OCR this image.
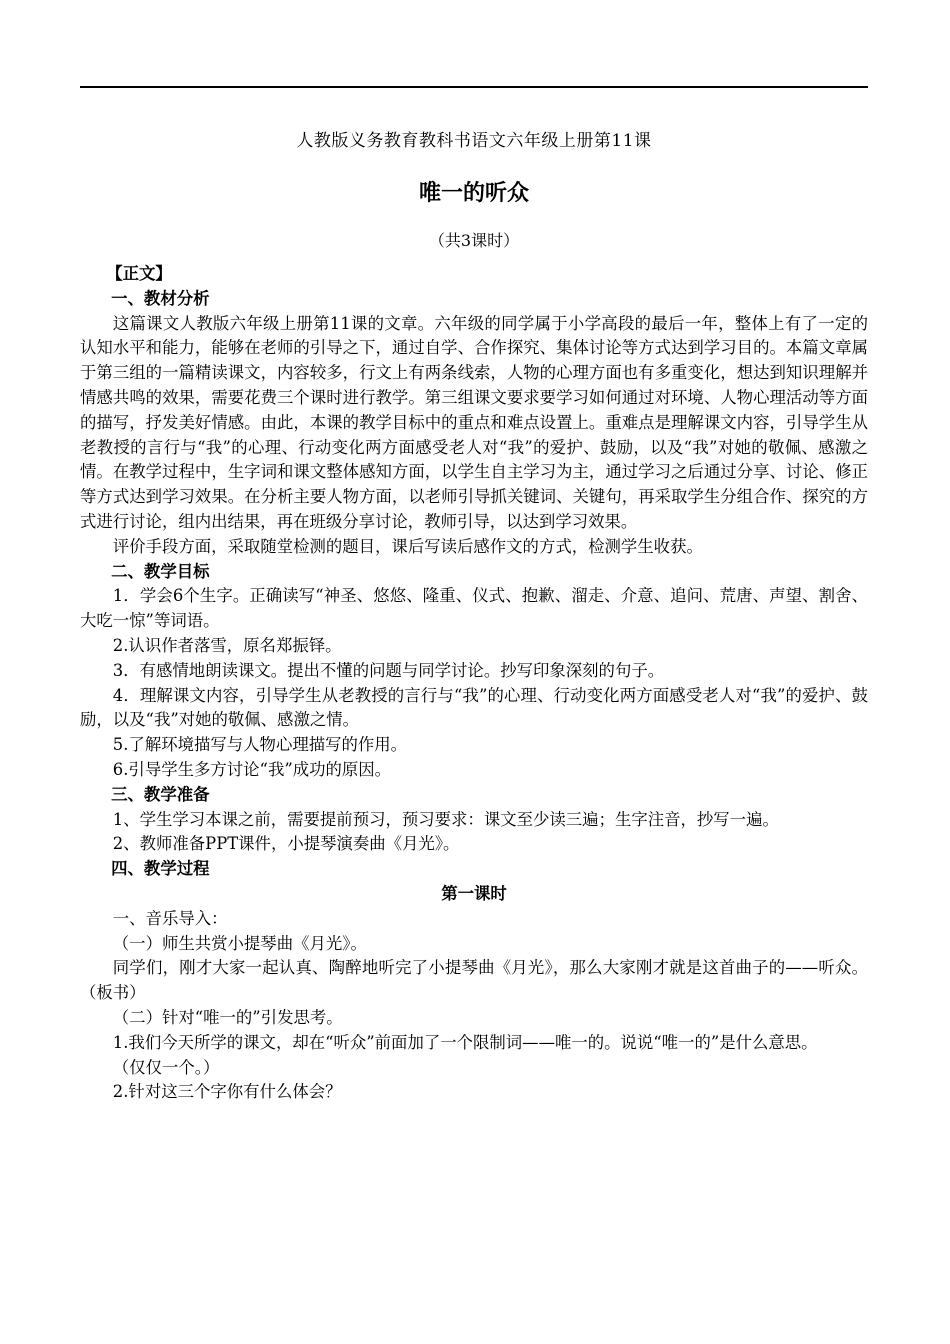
人教版义务教育教科书语文六年级上册第11课
唯一的听众
（共3课时）

【正文】

一、教材分析

这篇课文人教版六年级上册第11课的文章。六年级的同学属于小学高段的最后一年，整体上有了一定的认知水平和能力，能够在老师的引导之下，通过自学、合作探究、集体讨论等方式达到学习目的。本篇文章属于第三组的一篇精读课文，内容较多，行文上有两条线索，人物的心理方面也有多重变化，想达到知识理解并情感共鸣的效果，需要花费三个课时进行教学。第三组课文要求要学习如何通过对环境、人物心理活动等方面的描写，抒发美好情感。由此，本课的教学目标中的重点和难点设置上。重难点是理解课文内容，引导学生从老教授的言行与“我”的心理、行动变化两方面感受老人对“我”的爱护、鼓励，以及“我”对她的敬佩、感激之情。在教学过程中，生字词和课文整体感知方面，以学生自主学习为主，通过学习之后通过分享、讨论、修正等方式达到学习效果。在分析主要人物方面，以老师引导抓关键词、关键句，再采取学生分组合作、探究的方式进行讨论，组内出结果，再在班级分享讨论，教师引导，以达到学习效果。

评价手段方面，采取随堂检测的题目，课后写读后感作文的方式，检测学生收获。

二、教学目标

1．学会6个生字。正确读写“神圣、悠悠、隆重、仪式、抱歉、溜走、介意、追问、荒唐、声望、割舍、大吃一惊”等词语。

2.认识作者落雪，原名郑振铎。

3．有感情地朗读课文。提出不懂的问题与同学讨论。抄写印象深刻的句子。

4．理解课文内容，引导学生从老教授的言行与“我”的心理、行动变化两方面感受老人对“我”的爱护、鼓励，以及“我”对她的敬佩、感激之情。

5.了解环境描写与人物心理描写的作用。

6.引导学生多方讨论“我”成功的原因。

三、教学准备

1、学生学习本课之前，需要提前预习，预习要求：课文至少读三遍；生字注音，抄写一遍。

2、教师准备PPT课件，小提琴演奏曲《月光》。

四、教学过程

第一课时

一、音乐导入：

（一）师生共赏小提琴曲《月光》。

同学们，刚才大家一起认真、陶醉地听完了小提琴曲《月光》，那么大家刚才就是这首曲子的——听众。（板书）

（二）针对“唯一的”引发思考。

1.我们今天所学的课文，却在“听众”前面加了一个限制词——唯一的。说说“唯一的”是什么意思。

（仅仅一个。）

2.针对这三个字你有什么体会？
